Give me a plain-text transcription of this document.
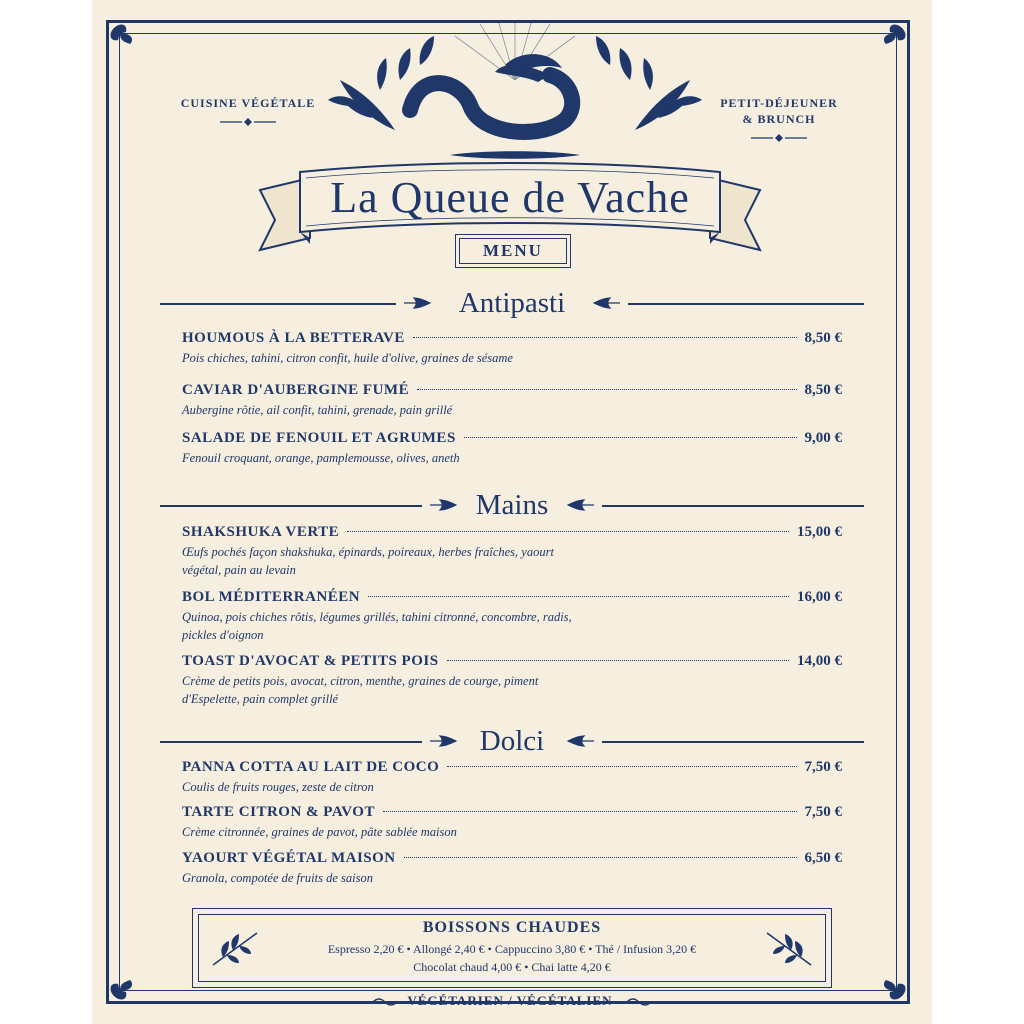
CUISINE VÉGÉTALE	PETIT-DÉJEUNER
& BRUNCH
La Queue de Vache
MENU
Antipasti
HOUMOUS À LA BETTERAVE	8,50 €
Pois chiches, tahini, citron confit, huile d'olive, graines de sésame
CAVIAR D'AUBERGINE FUMÉ	8,50 €
Aubergine rôtie, ail confit, tahini, grenade, pain grillé
SALADE DE FENOUIL ET AGRUMES	9,00 €
Fenouil croquant, orange, pamplemousse, olives, aneth
Mains
SHAKSHUKA VERTE	15,00 €
Œufs pochés façon shakshuka, épinards, poireaux, herbes fraîches, yaourt végétal, pain au levain
BOL MÉDITERRANÉEN	16,00 €
Quinoa, pois chiches rôtis, légumes grillés, tahini citronné, concombre, radis, pickles d'oignon
TOAST D'AVOCAT & PETITS POIS	14,00 €
Crème de petits pois, avocat, citron, menthe, graines de courge, piment d'Espelette, pain complet grillé
Dolci
PANNA COTTA AU LAIT DE COCO	7,50 €
Coulis de fruits rouges, zeste de citron
TARTE CITRON & PAVOT	7,50 €
Crème citronnée, graines de pavot, pâte sablée maison
YAOURT VÉGÉTAL MAISON	6,50 €
Granola, compotée de fruits de saison
BOISSONS CHAUDES
Espresso 2,20 € • Allongé 2,40 € • Cappuccino 3,80 € • Thé / Infusion 3,20 €
Chocolat chaud 4,00 € • Chai latte 4,20 €
VÉGÉTARIEN / VÉGÉTALIEN
